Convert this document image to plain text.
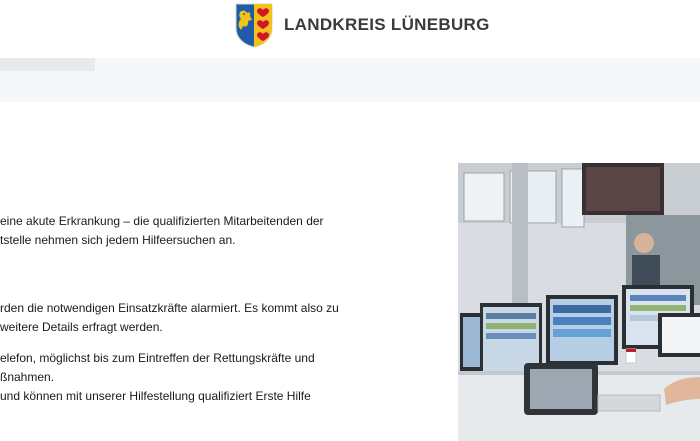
LANDKREIS LÜNEBURG
eine akute Erkrankung – die qualifizierten Mitarbeitenden der
tstelle nehmen sich jedem Hilfeersuchen an.
rden die notwendigen Einsatzkräfte alarmiert. Es kommt also zu
weitere Details erfragt werden.
elefon, möglichst bis zum Eintreffen der Rettungskräfte und
ßnahmen.
und können mit unserer Hilfestellung qualifiziert Erste Hilfe
